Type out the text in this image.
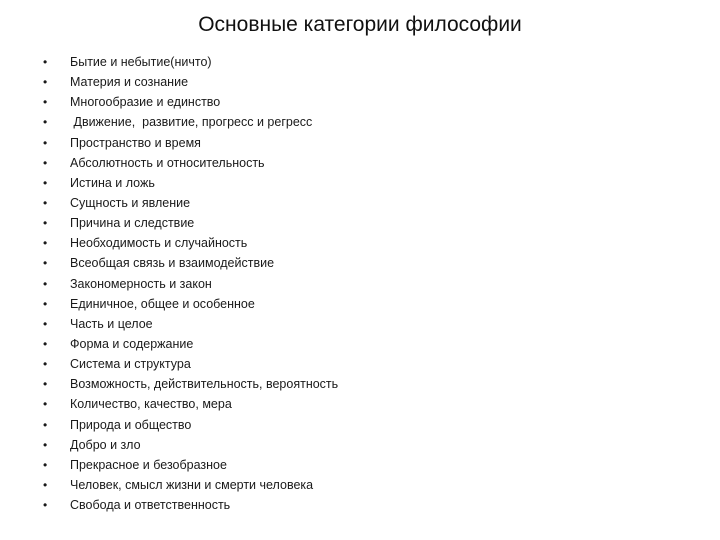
Основные категории философии
•	Бытие и небытие(ничто)
•	Материя и сознание
•	Многообразие и единство
•	Движение,  развитие, прогресс и регресс
•	Пространство и время
•	Абсолютность и относительность
•	Истина и ложь
•	Сущность и явление
•	Причина и следствие
•	Необходимость и случайность
•	Всеобщая связь и взаимодействие
•	Закономерность и закон
•	Единичное, общее и особенное
•	Часть и целое
•	Форма и содержание
•	Система и структура
•	Возможность, действительность, вероятность
•	Количество, качество, мера
•	Природа и общество
•	Добро и зло
•	Прекрасное и безобразное
•	Человек, смысл жизни и смерти человека
•	Свобода и ответственность
